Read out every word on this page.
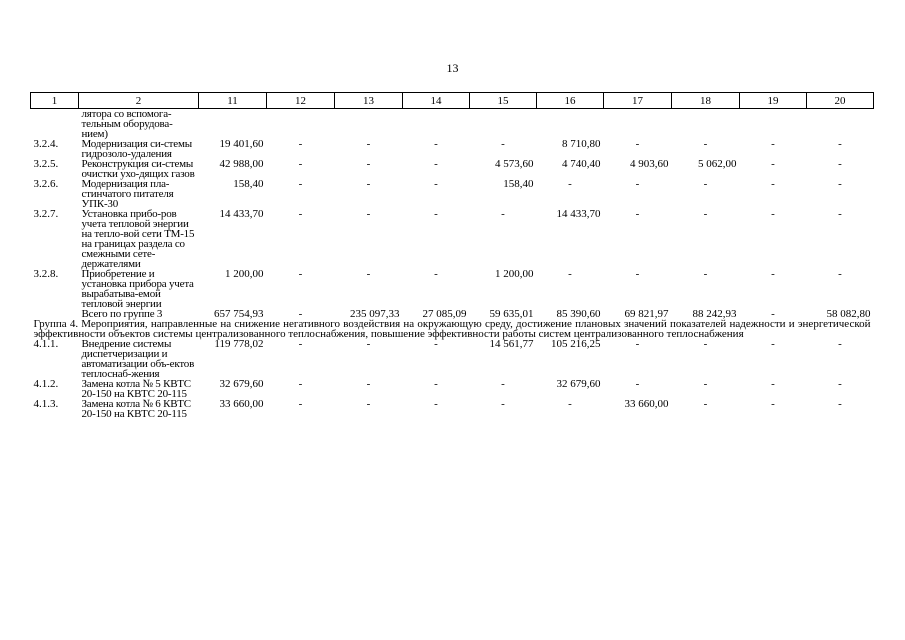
13
1	2	11	12	13	14	15	16	17	18	19	20
	лятора со вспомога-тельным оборудова-нием)										
3.2.4.	Модернизация си-стемы гидрозоло-удаления	19 401,60	-	-	-	-	8 710,80	-	-	-	-
3.2.5.	Реконструкция си-стемы очистки ухо-дящих газов	42 988,00	-	-	-	4 573,60	4 740,40	4 903,60	5 062,00	-	-
3.2.6.	Модернизация пла-стинчатого питателя УПК-30	158,40	-	-	-	158,40	-	-	-	-	-
3.2.7.	Установка прибо-ров учета тепловой энергии на тепло-вой сети ТМ-15 на границах раздела со смежными сете-держателями	14 433,70	-	-	-	-	14 433,70	-	-	-	-
3.2.8.	Приобретение и установка прибора учета вырабатыва-емой тепловой энергии	1 200,00	-	-	-	1 200,00	-	-	-	-	-
	Всего по группе 3	657 754,93	-	235 097,33	27 085,09	59 635,01	85 390,60	69 821,97	88 242,93	-	58 082,80
Группа 4. Мероприятия, направленные на снижение негативного воздействия на окружающую среду, достижение плановых значений показателей надежности и энергетической эффективности объектов системы централизованного теплоснабжения, повышение эффективности работы систем централизованного теплоснабжения											
4.1.1.	Внедрение системы диспетчеризации и автоматизации объ-ектов теплоснаб-жения	119 778,02	-	-	-	14 561,77	105 216,25	-	-	-	-
4.1.2.	Замена котла № 5 КВТС 20-150 на КВТС 20-115	32 679,60	-	-	-	-	32 679,60	-	-	-	-
4.1.3.	Замена котла № 6 КВТС 20-150 на КВТС 20-115	33 660,00	-	-	-	-	-	33 660,00	-	-	-
